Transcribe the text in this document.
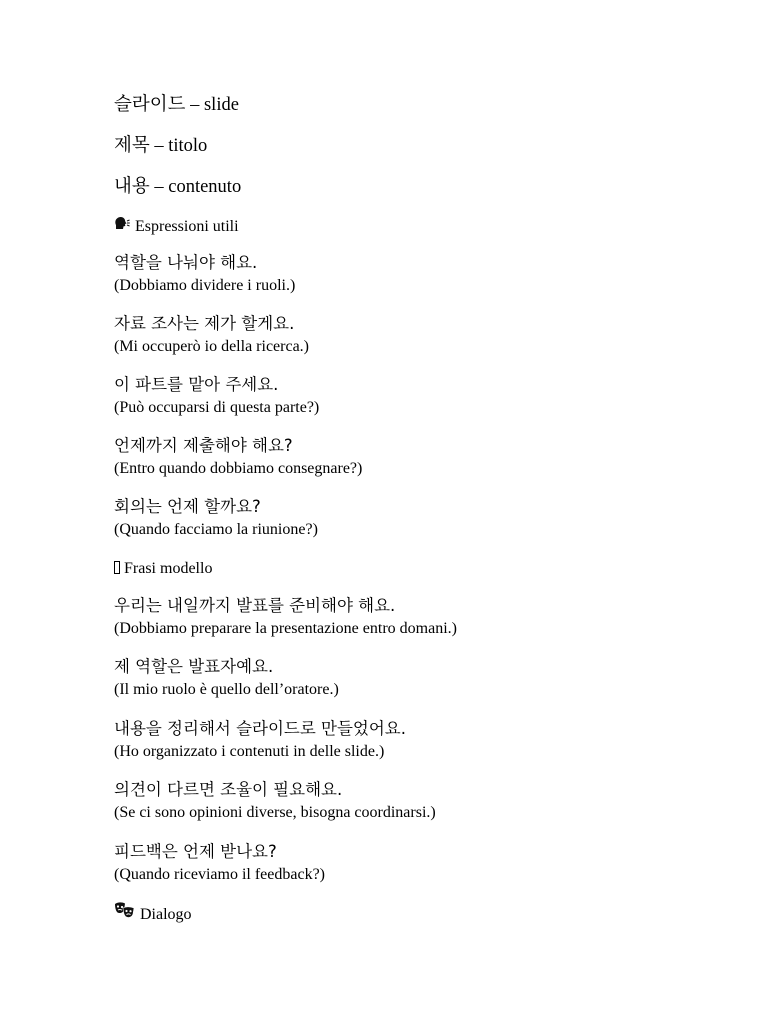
슬라이드 – slide
제목 – titolo
내용 – contenuto
Espressioni utili
역할을 나눠야 해요.
(Dobbiamo dividere i ruoli.)
자료 조사는 제가 할게요.
(Mi occuperò io della ricerca.)
이 파트를 맡아 주세요.
(Può occuparsi di questa parte?)
언제까지 제출해야 해요?
(Entro quando dobbiamo consegnare?)
회의는 언제 할까요?
(Quando facciamo la riunione?)
Frasi modello
우리는 내일까지 발표를 준비해야 해요.
(Dobbiamo preparare la presentazione entro domani.)
제 역할은 발표자예요.
(Il mio ruolo è quello dell’oratore.)
내용을 정리해서 슬라이드로 만들었어요.
(Ho organizzato i contenuti in delle slide.)
의견이 다르면 조율이 필요해요.
(Se ci sono opinioni diverse, bisogna coordinarsi.)
피드백은 언제 받나요?
(Quando riceviamo il feedback?)
Dialogo
